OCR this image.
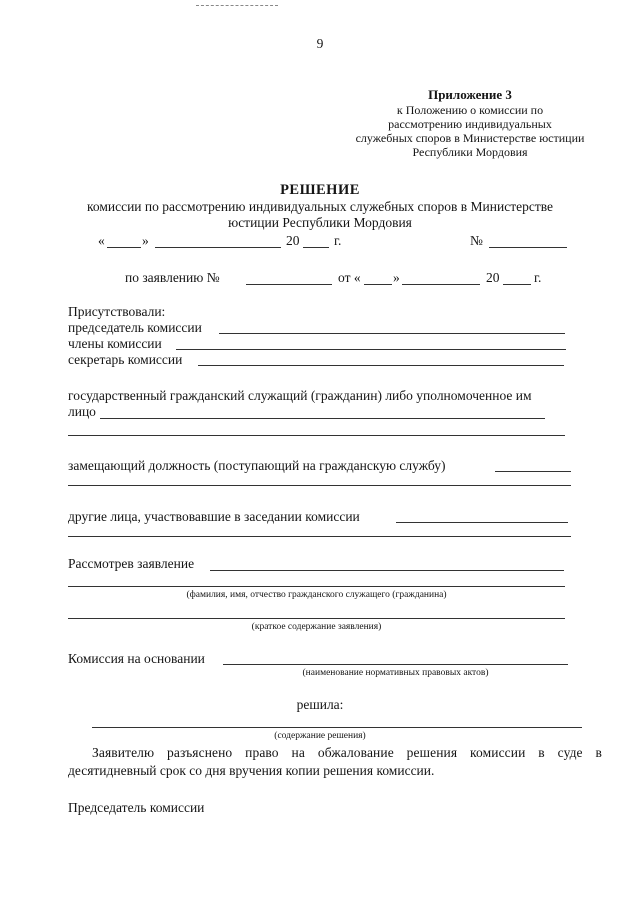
9
Приложение 3
к Положению о комиссии по
рассмотрению индивидуальных
служебных споров в Министерстве юстиции
Республики Мордовия
РЕШЕНИЕ
комиссии по рассмотрению индивидуальных служебных споров в Министерстве
юстиции Республики Мордовия
«	»	20	г.	№
по заявлению №	от « »	20	г.
Присутствовали:
председатель комиссии
члены комиссии
секретарь комиссии
государственный гражданский служащий (гражданин) либо уполномоченное им
лицо
замещающий должность (поступающий на гражданскую службу)
другие лица, участвовавшие в заседании комиссии
Рассмотрев заявление
(фамилия, имя, отчество гражданского служащего (гражданина)
(краткое содержание заявления)
Комиссия на основании
(наименование нормативных правовых актов)
решила:
(содержание решения)
Заявителю разъяснено право на обжалование решения комиссии в суде в
десятидневный срок со дня вручения копии решения комиссии.
Председатель комиссии
